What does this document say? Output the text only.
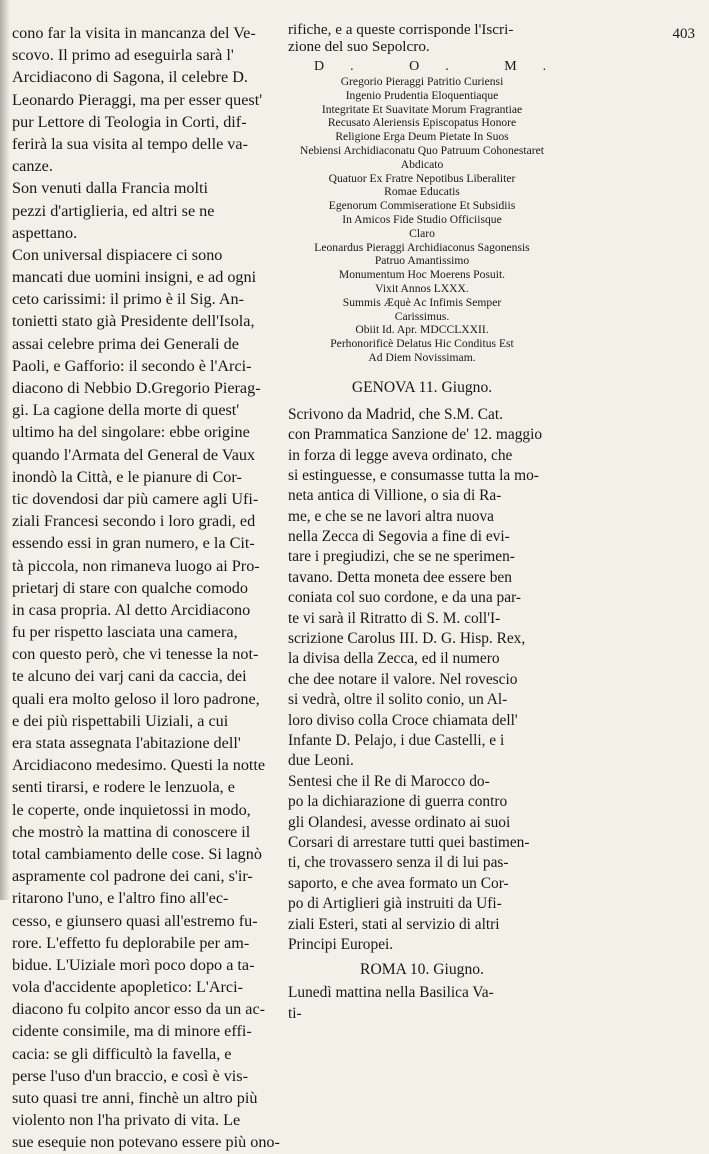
403
cono far la visita in mancanza del Ve-
scovo. Il primo ad eseguirla sarà l'
Arcidiacono di Sagona, il celebre D.
Leonardo Pieraggi, ma per esser quest'
pur Lettore di Teologia in Corti, dif-
ferirà la sua visita al tempo delle va-
canze.
Son venuti dalla Francia molti
pezzi d'artiglieria, ed altri se ne
aspettano.
Con universal dispiacere ci sono
mancati due uomini insigni, e ad ogni
ceto carissimi: il primo è il Sig. An-
tonietti stato già Presidente dell'Isola,
assai celebre prima dei Generali de
Paoli, e Gafforio: il secondo è l'Arci-
diacono di Nebbio D.Gregorio Pierag-
gi. La cagione della morte di quest'
ultimo ha del singolare: ebbe origine
quando l'Armata del General de Vaux
inondò la Città, e le pianure di Cor-
tic dovendosi dar più camere agli Ufi-
ziali Francesi secondo i loro gradi, ed
essendo essi in gran numero, e la Cit-
tà piccola, non rimaneva luogo ai Pro-
prietarj di stare con qualche comodo
in casa propria. Al detto Arcidiacono
fu per rispetto lasciata una camera,
con questo però, che vi tenesse la not-
te alcuno dei varj cani da caccia, dei
quali era molto geloso il loro padrone,
e dei più rispettabili Uiziali, a cui
era stata assegnata l'abitazione dell'
Arcidiacono medesimo. Questi la notte
senti tirarsi, e rodere le lenzuola, e
le coperte, onde inquietossi in modo,
che mostrò la mattina di conoscere il
total cambiamento delle cose. Si lagnò
aspramente col padrone dei cani, s'ir-
ritarono l'uno, e l'altro fino all'ec-
cesso, e giunsero quasi all'estremo fu-
rore. L'effetto fu deplorabile per am-
bidue. L'Uiziale morì poco dopo a ta-
vola d'accidente apopletico: L'Arci-
diacono fu colpito ancor esso da un ac-
cidente consimile, ma di minore effi-
cacia: se gli difficultò la favella, e
perse l'uso d'un braccio, e così è vis-
suto quasi tre anni, finchè un altro più
violento non l'ha privato di vita. Le
sue esequie non potevano essere più ono-
rifiche, e a queste corrisponde l'Iscri-
zione del suo Sepolcro.
D. O. M.
Gregorio Pieraggi Patritio Curiensi
Ingenio Prudentia Eloquentiaque
Integritate Et Suavitate Morum Fragrantiae
Recusato Aleriensis Episcopatus Honore
Religione Erga Deum Pietate In Suos
Nebiensi Archidiaconatu Quo Patruum Cohonestaret
Abdicato
Quatuor Ex Fratre Nepotibus Liberaliter
Romae Educatis
Egenorum Commiseratione Et Subsidiis
In Amicos Fide Studio Officiisque
Claro
Leonardus Pieraggi Archidiaconus Sagonensis
Patruo Amantissimo
Monumentum Hoc Moerens Posuit.
Vixit Annos LXXX.
Summis Æquè Ac Infimis Semper
Carissimus.
Obiit Id. Apr. MDCCLXXII.
Perhonorificè Delatus Hic Conditus Est
Ad Diem Novissimam.
GENOVA 11. Giugno.
Scrivono da Madrid, che S.M. Cat.
con Prammatica Sanzione de' 12. maggio
in forza di legge aveva ordinato, che
si estinguesse, e consumasse tutta la mo-
neta antica di Villione, o sia di Ra-
me, e che se ne lavori altra nuova
nella Zecca di Segovia a fine di evi-
tare i pregiudizi, che se ne sperimen-
tavano. Detta moneta dee essere ben
coniata col suo cordone, e da una par-
te vi sarà il Ritratto di S. M. coll'I-
scrizione Carolus III. D. G. Hisp. Rex,
la divisa della Zecca, ed il numero
che dee notare il valore. Nel rovescio
si vedrà, oltre il solito conio, un Al-
loro diviso colla Croce chiamata dell'
Infante D. Pelajo, i due Castelli, e i
due Leoni.
Sentesi che il Re di Marocco do-
po la dichiarazione di guerra contro
gli Olandesi, avesse ordinato ai suoi
Corsari di arrestare tutti quei bastimen-
ti, che trovassero senza il di lui pas-
saporto, e che avea formato un Cor-
po di Artiglieri già instruiti da Ufi-
ziali Esteri, stati al servizio di altri
Principi Europei.
ROMA 10. Giugno.
Lunedì mattina nella Basilica Va-
ti-
